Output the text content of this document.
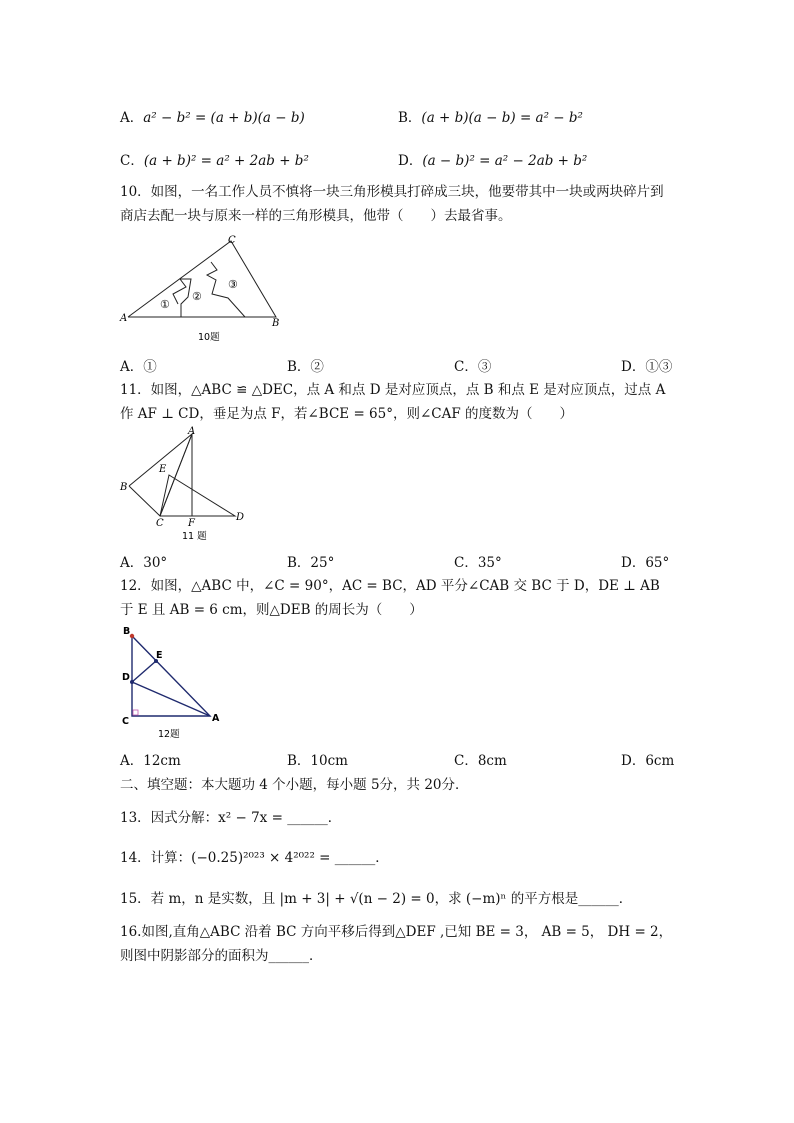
A．a² − b² = (a + b)(a − b)	B．(a + b)(a − b) = a² − b²
C．(a + b)² = a² + 2ab + b²	D．(a − b)² = a² − 2ab + b²
10．如图，一名工作人员不慎将一块三角形模具打碎成三块，他要带其中一块或两块碎片到
商店去配一块与原来一样的三角形模具，他带（　　）去最省事。
A	B
C
①
②
③
10题
A．①	B．②	C．③	D．①③
11．如图，△ABC ≌ △DEC，点 A 和点 D 是对应顶点，点 B 和点 E 是对应顶点，过点 A
作 AF ⊥ CD，垂足为点 F，若∠BCE = 65°，则∠CAF 的度数为（　　）
A
B
C
D
E
F
11 题
A．30°	B．25°	C．35°	D．65°
12．如图，△ABC 中，∠C = 90°，AC = BC，AD 平分∠CAB 交 BC 于 D，DE ⊥ AB
于 E 且 AB = 6 cm，则△DEB 的周长为（　　）
B
D
E
C	A
12题
A．12cm	B．10cm	C．8cm	D．6cm
二、填空题：本大题功 4 个小题，每小题 5分，共 20分．
13．因式分解：x² − 7x = ______．
14．计算：(−0.25)²⁰²³ × 4²⁰²² = ______．
15．若 m，n 是实数，且 |m + 3| + √(n − 2) = 0，求 (−m)ⁿ 的平方根是______．
16.如图,直角△ABC 沿着 BC 方向平移后得到△DEF ,已知 BE = 3， AB = 5， DH = 2，
则图中阴影部分的面积为______．
